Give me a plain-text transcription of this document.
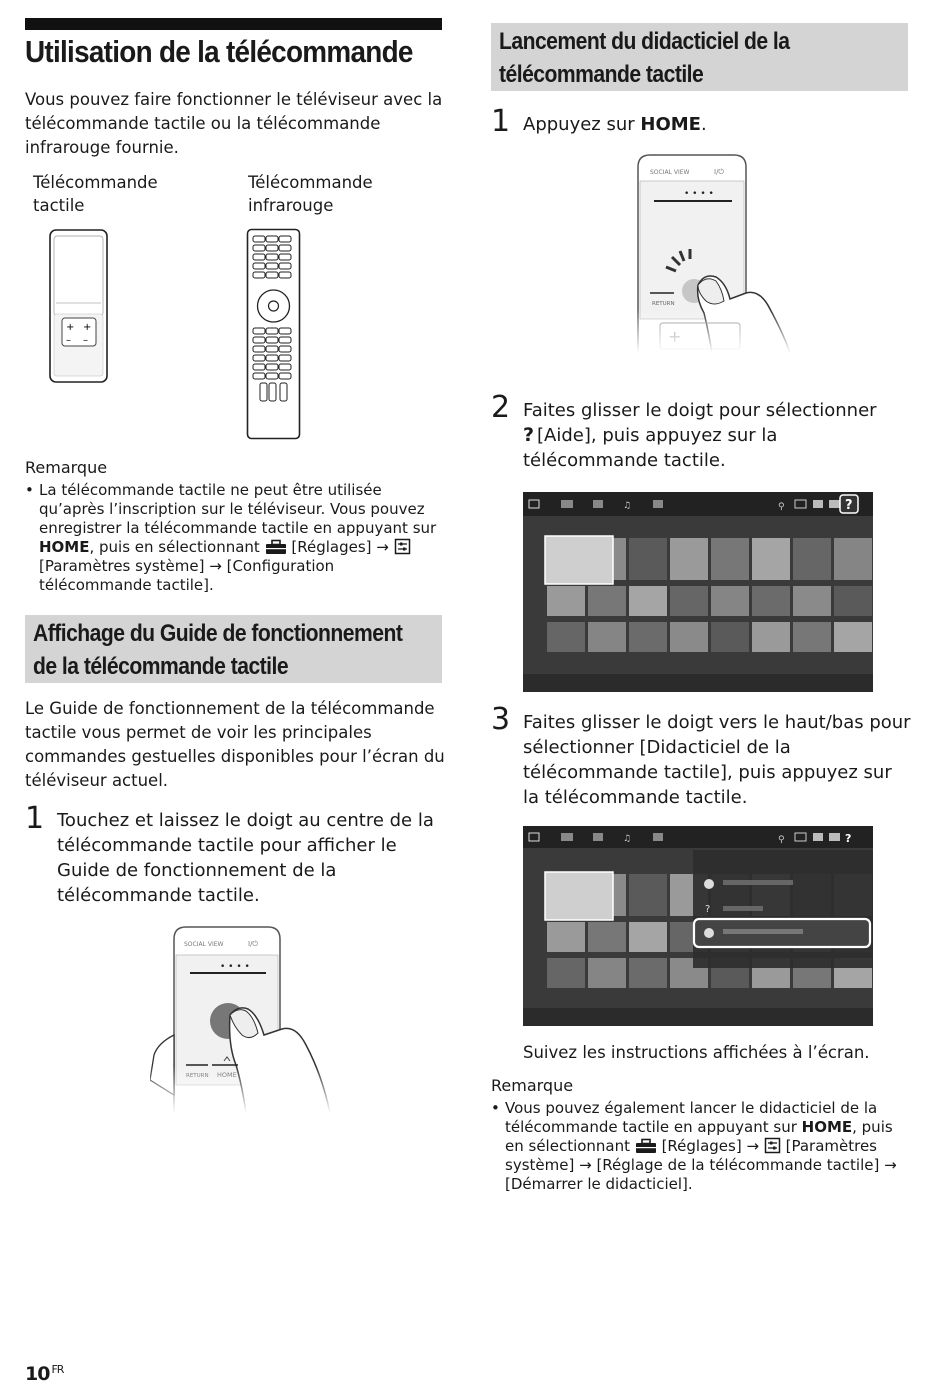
Utilisation de la télécommande

Vous pouvez faire fonctionner le téléviseur avec la télécommande tactile ou la télécommande infrarouge fournie.

Télécommande
tactile
Télécommande
infrarouge
+ +
– –
Remarque
• La télécommande tactile ne peut être utilisée qu’après l’inscription sur le téléviseur. Vous pouvez enregistrer la télécommande tactile en appuyant sur HOME, puis en sélectionnant  [Réglages] →  [Paramètres système] → [Configuration télécommande tactile].
Affichage du Guide de fonctionnement
de la télécommande tactile

Le Guide de fonctionnement de la télécommande tactile vous permet de voir les principales commandes gestuelles disponibles pour l’écran du téléviseur actuel.

1 Touchez et laissez le doigt au centre de la télécommande tactile pour afficher le Guide de fonctionnement de la télécommande tactile.

Lancement du didacticiel de la
télécommande tactile
1 Appuyez sur HOME.

2 Faites glisser le doigt pour sélectionner
? [Aide], puis appuyez sur la
télécommande tactile.
♫	⚲	?
3 Faites glisser le doigt vers le haut/bas pour sélectionner [Didacticiel de la télécommande tactile], puis appuyez sur la télécommande tactile.

♫	⚲	?
?

Suivez les instructions affichées à l’écran.

Remarque
• Vous pouvez également lancer le didacticiel de la télécommande tactile en appuyant sur HOME, puis en sélectionnant  [Réglages] → [Paramètres système] → [Réglage de la télécommande tactile] → [Démarrer le didacticiel].
10 $^{FR}$
